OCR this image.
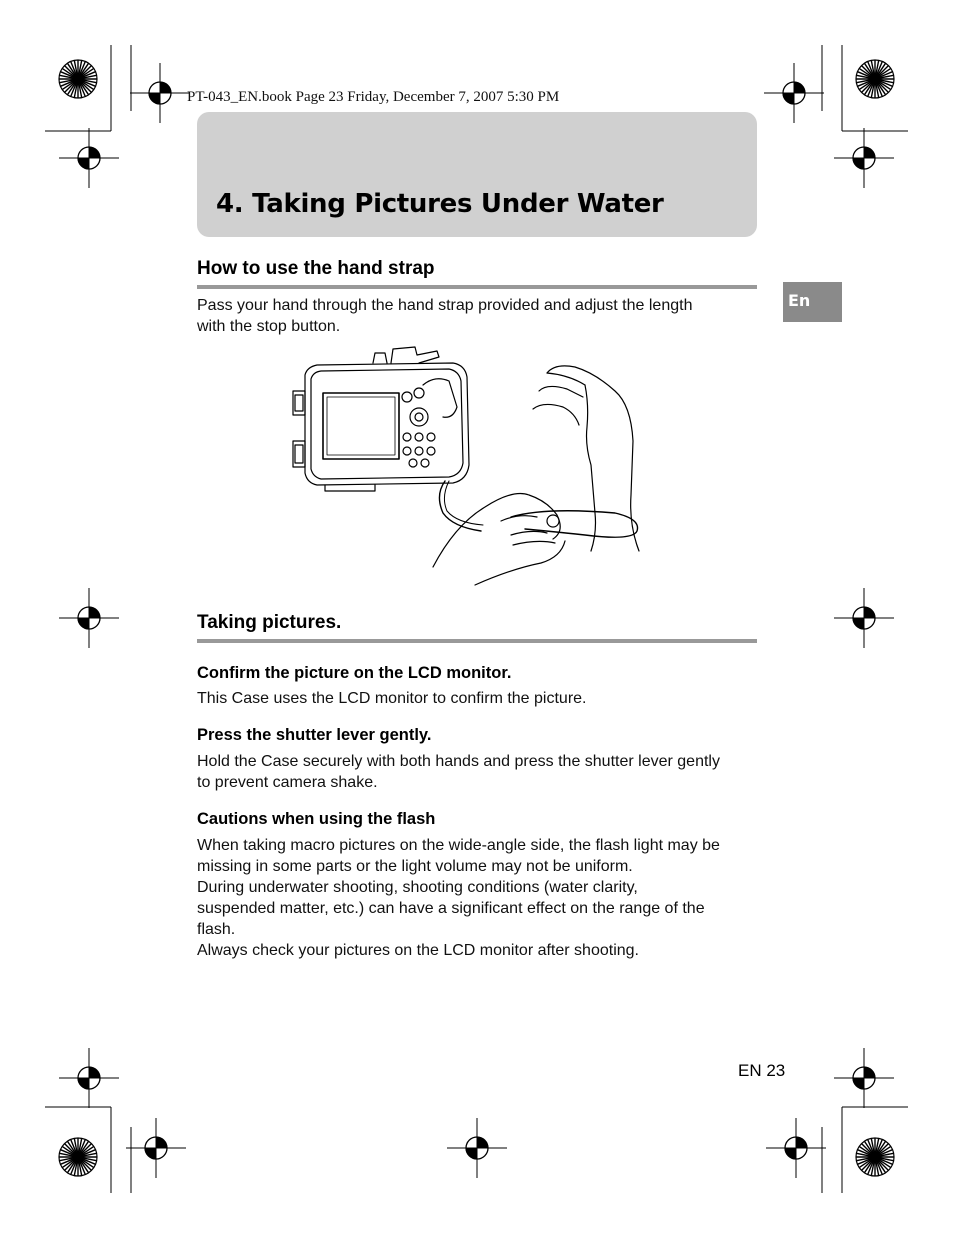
PT-043_EN.book Page 23 Friday, December 7, 2007 5:30 PM
4. Taking Pictures Under Water
En
How to use the hand strap
Pass your hand through the hand strap provided and adjust the length
with the stop button.
Taking pictures.
Confirm the picture on the LCD monitor.
This Case uses the LCD monitor to confirm the picture.
Press the shutter lever gently.
Hold the Case securely with both hands and press the shutter lever gently
to prevent camera shake.
Cautions when using the flash
When taking macro pictures on the wide-angle side, the flash light may be
missing in some parts or the light volume may not be uniform.
During underwater shooting, shooting conditions (water clarity,
suspended matter, etc.) can have a significant effect on the range of the
flash.
Always check your pictures on the LCD monitor after shooting.
EN 23
